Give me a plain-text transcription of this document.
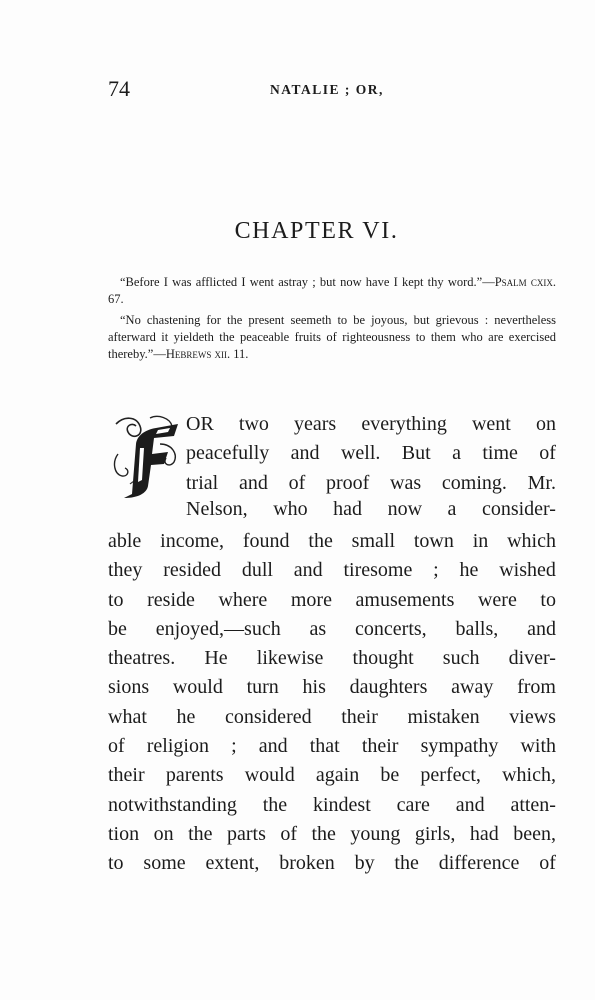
74	NATALIE ; OR,
CHAPTER VI.

“Before I was afflicted I went astray ; but now have I kept thy word.”—Psalm cxix. 67.

“No chastening for the present seemeth to be joyous, but grievous : nevertheless afterward it yieldeth the peaceable fruits of righteousness to them who are exercised thereby.”—Hebrews xii. 11.

OR two years everything went on
peacefully and well. But a time of
trial and of proof was coming. Mr.
Nelson, who had now a consider-
able income, found the small town in which
they resided dull and tiresome ; he wished
to reside where more amusements were to
be enjoyed,—such as concerts, balls, and
theatres. He likewise thought such diver-
sions would turn his daughters away from
what he considered their mistaken views
of religion ; and that their sympathy with
their parents would again be perfect, which,
notwithstanding the kindest care and atten-
tion on the parts of the young girls, had been,
to some extent, broken by the difference of
